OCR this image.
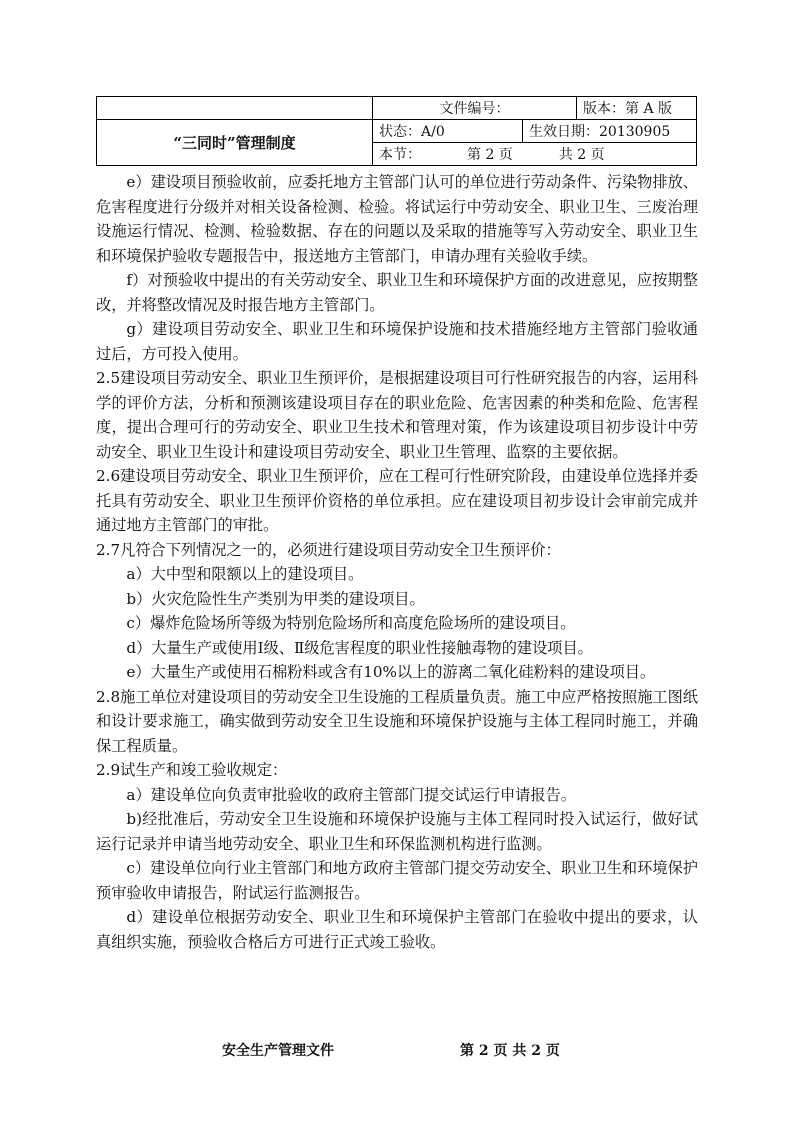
	文件编号：		版本：第 A 版
“三同时”管理制度	状态：A/0	生效日期：20130905	
	本节： 第 2 页 共 2 页		

e）建设项目预验收前，应委托地方主管部门认可的单位进行劳动条件、污染物排放、危害程度进行分级并对相关设备检测、检验。将试运行中劳动安全、职业卫生、三废治理设施运行情况、检测、检验数据、存在的问题以及采取的措施等写入劳动安全、职业卫生和环境保护验收专题报告中，报送地方主管部门，申请办理有关验收手续。

f）对预验收中提出的有关劳动安全、职业卫生和环境保护方面的改进意见，应按期整改，并将整改情况及时报告地方主管部门。

g）建设项目劳动安全、职业卫生和环境保护设施和技术措施经地方主管部门验收通过后，方可投入使用。

2.5建设项目劳动安全、职业卫生预评价，是根据建设项目可行性研究报告的内容，运用科学的评价方法，分析和预测该建设项目存在的职业危险、危害因素的种类和危险、危害程度，提出合理可行的劳动安全、职业卫生技术和管理对策，作为该建设项目初步设计中劳动安全、职业卫生设计和建设项目劳动安全、职业卫生管理、监察的主要依据。

2.6建设项目劳动安全、职业卫生预评价，应在工程可行性研究阶段，由建设单位选择并委托具有劳动安全、职业卫生预评价资格的单位承担。应在建设项目初步设计会审前完成并通过地方主管部门的审批。

2.7凡符合下列情况之一的，必须进行建设项目劳动安全卫生预评价：

a）大中型和限额以上的建设项目。

b）火灾危险性生产类别为甲类的建设项目。

c）爆炸危险场所等级为特别危险场所和高度危险场所的建设项目。

d）大量生产或使用Ⅰ级、Ⅱ级危害程度的职业性接触毒物的建设项目。

e）大量生产或使用石棉粉料或含有10%以上的游离二氧化硅粉料的建设项目。

2.8施工单位对建设项目的劳动安全卫生设施的工程质量负责。施工中应严格按照施工图纸和设计要求施工，确实做到劳动安全卫生设施和环境保护设施与主体工程同时施工，并确保工程质量。

2.9试生产和竣工验收规定：

a）建设单位向负责审批验收的政府主管部门提交试运行申请报告。

b)经批准后，劳动安全卫生设施和环境保护设施与主体工程同时投入试运行，做好试运行记录并申请当地劳动安全、职业卫生和环保监测机构进行监测。

c）建设单位向行业主管部门和地方政府主管部门提交劳动安全、职业卫生和环境保护预审验收申请报告，附试运行监测报告。

d）建设单位根据劳动安全、职业卫生和环境保护主管部门在验收中提出的要求，认真组织实施，预验收合格后方可进行正式竣工验收。

安全生产管理文件	第 2 页 共 2 页
